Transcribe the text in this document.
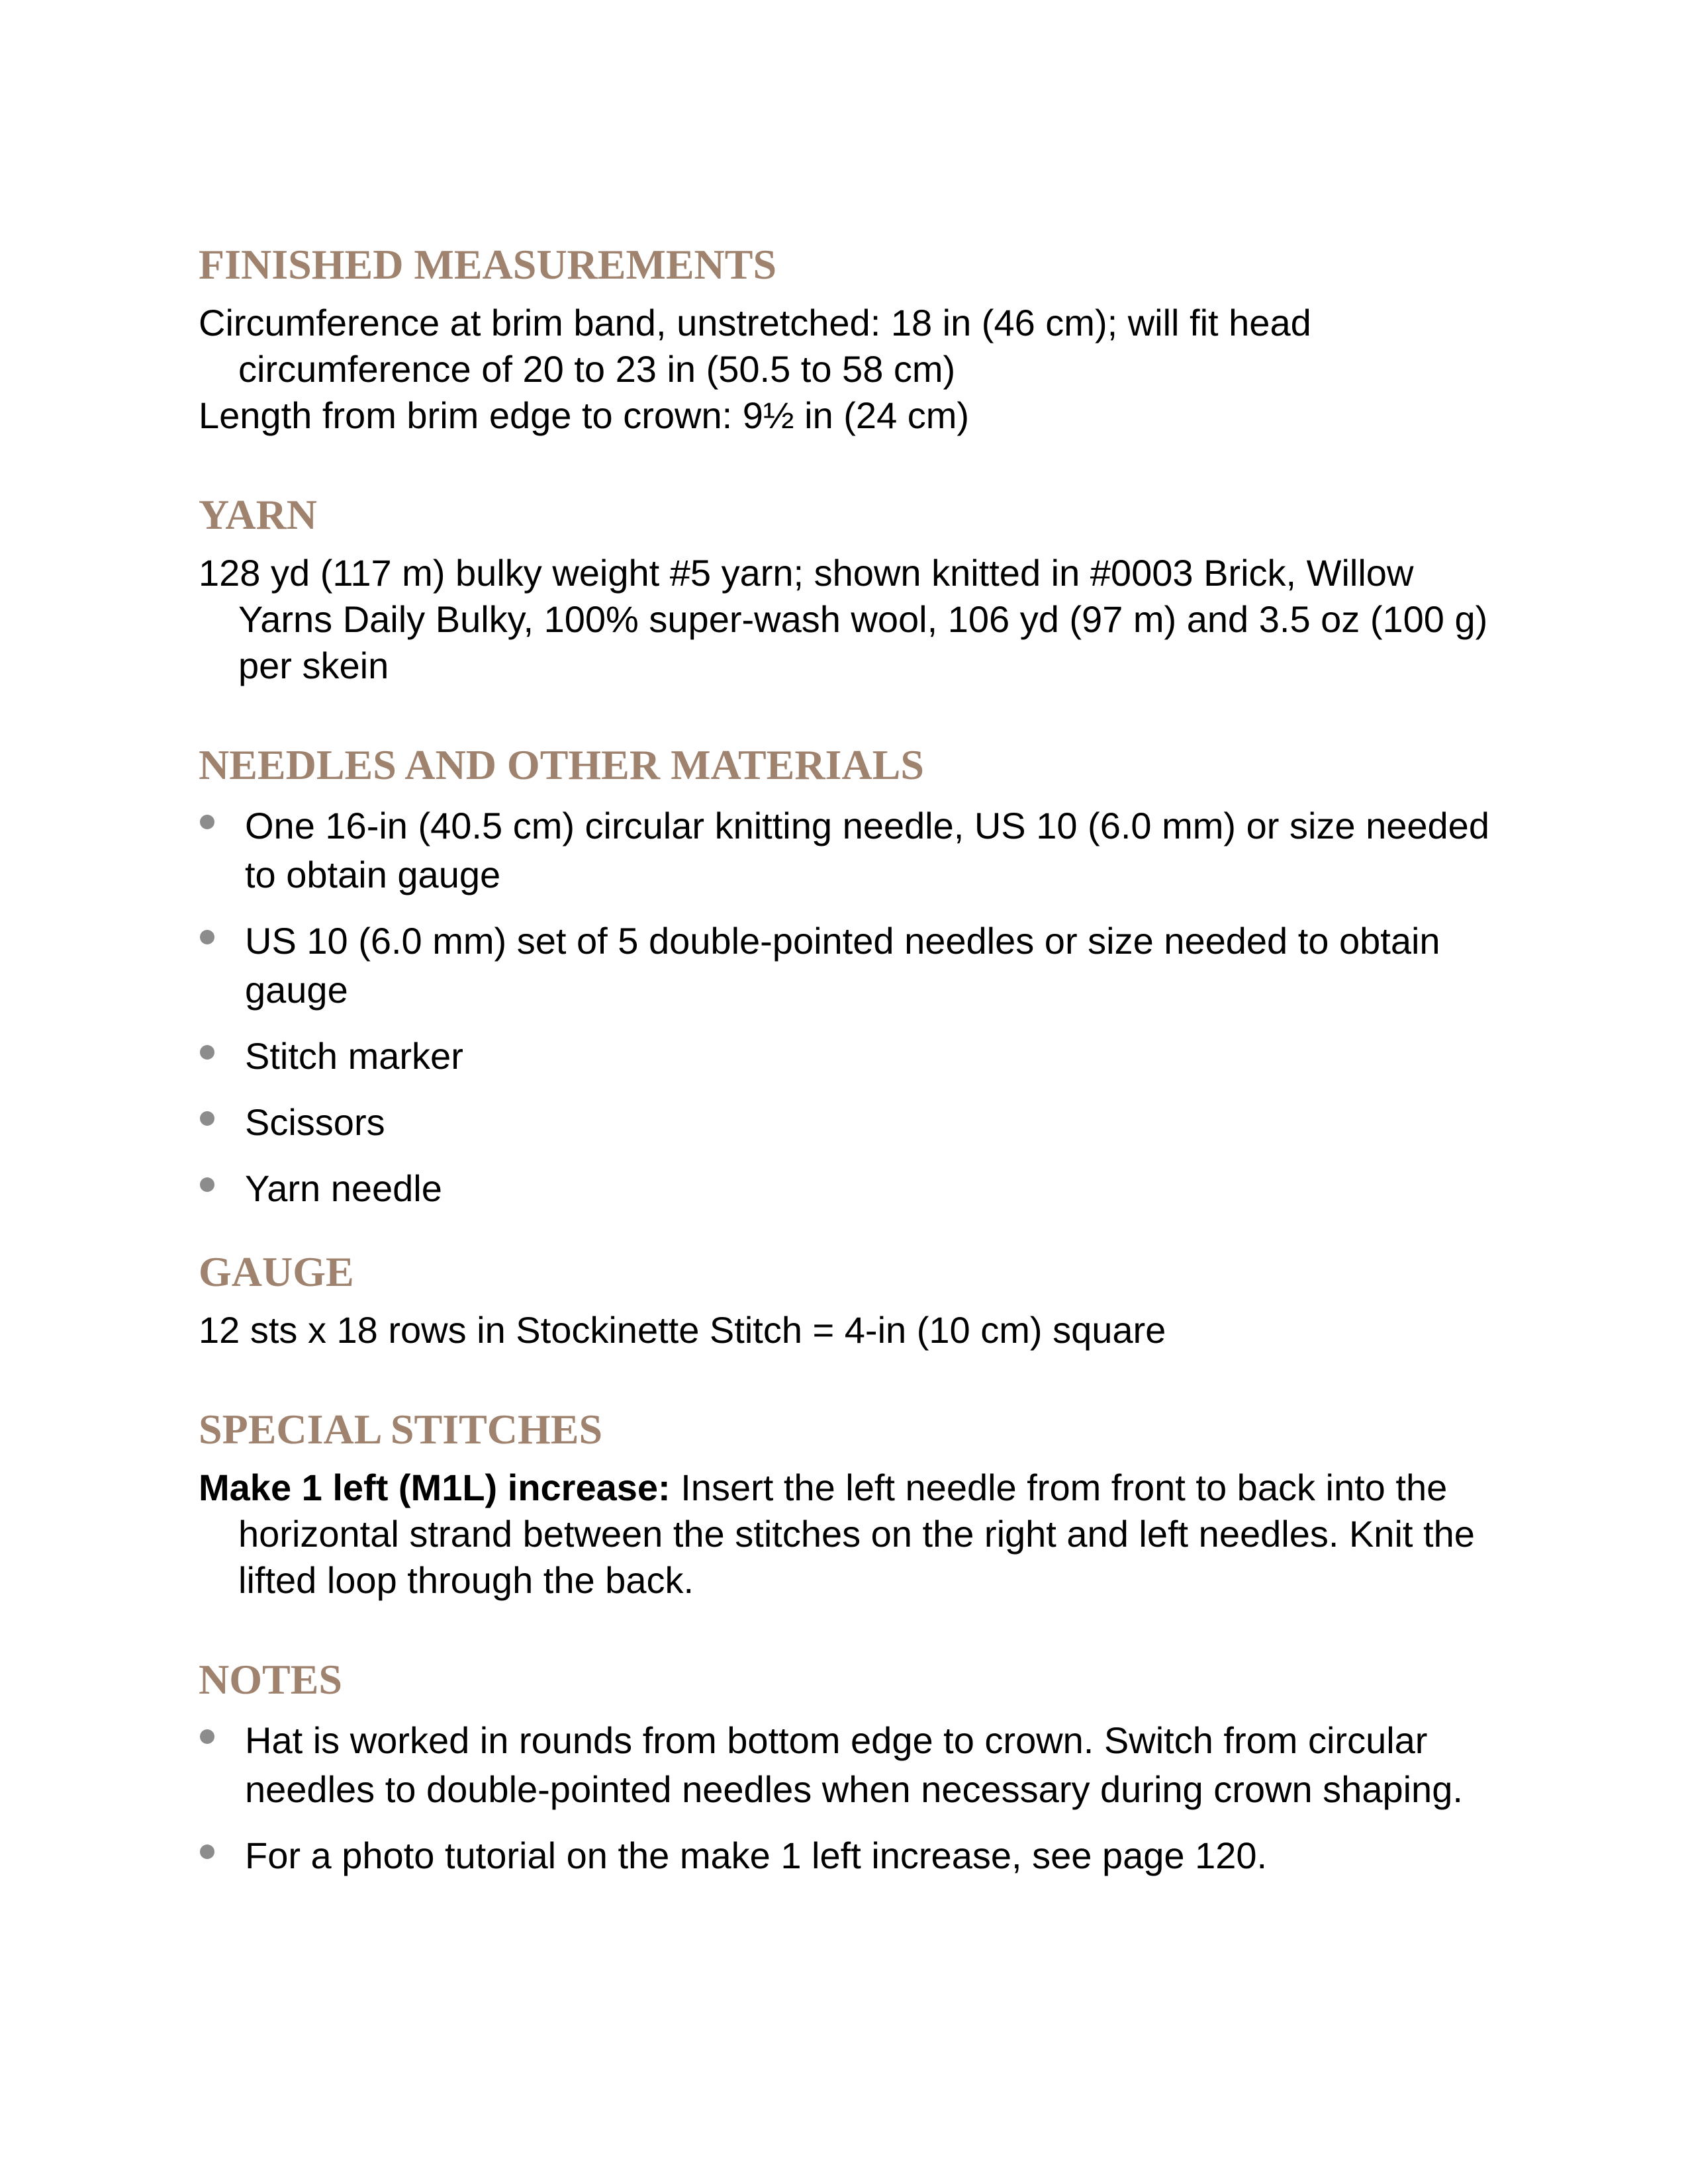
FINISHED MEASUREMENTS

Circumference at brim band, unstretched: 18 in (46 cm); will fit head circumference of 20 to 23 in (50.5 to 58 cm)

Length from brim edge to crown: 9½ in (24 cm)

YARN

128 yd (117 m) bulky weight #5 yarn; shown knitted in #0003 Brick, Willow Yarns Daily Bulky, 100% super-wash wool, 106 yd (97 m) and 3.5 oz (100 g) per skein

NEEDLES AND OTHER MATERIALS
One 16-in (40.5 cm) circular knitting needle, US 10 (6.0 mm) or size needed to obtain gauge
US 10 (6.0 mm) set of 5 double-pointed needles or size needed to obtain gauge
Stitch marker
Scissors
Yarn needle
GAUGE

12 sts x 18 rows in Stockinette Stitch = 4-in (10 cm) square

SPECIAL STITCHES

Make 1 left (M1L) increase: Insert the left needle from front to back into the horizontal strand between the stitches on the right and left needles. Knit the lifted loop through the back.

NOTES
Hat is worked in rounds from bottom edge to crown. Switch from circular needles to double-pointed needles when necessary during crown shaping.
For a photo tutorial on the make 1 left increase, see page 120.
